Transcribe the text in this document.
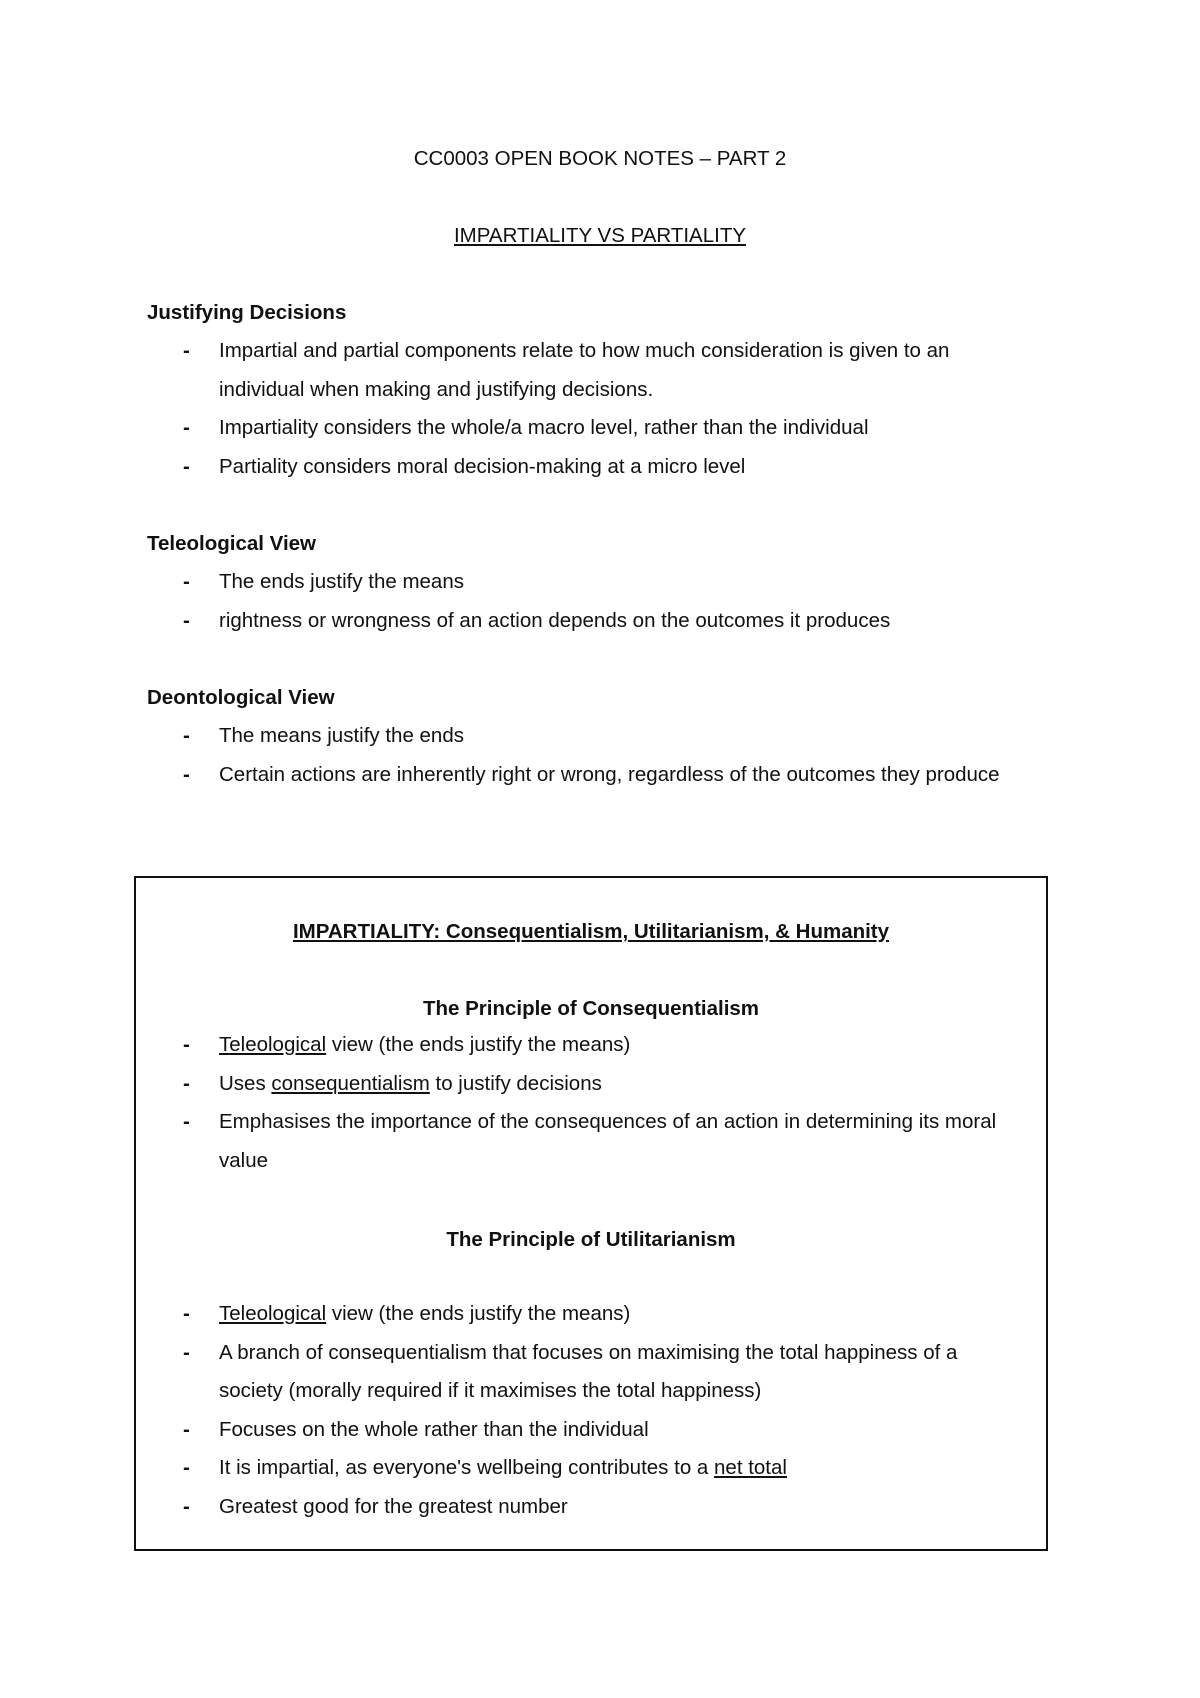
CC0003 OPEN BOOK NOTES – PART 2
IMPARTIALITY VS PARTIALITY
Justifying Decisions
- Impartial and partial components relate to how much consideration is given to an individual when making and justifying decisions.
- Impartiality considers the whole/a macro level, rather than the individual
- Partiality considers moral decision-making at a micro level
Teleological View
- The ends justify the means
- rightness or wrongness of an action depends on the outcomes it produces
Deontological View
- The means justify the ends
- Certain actions are inherently right or wrong, regardless of the outcomes they produce
IMPARTIALITY: Consequentialism, Utilitarianism, & Humanity
The Principle of Consequentialism
- Teleological view (the ends justify the means)
- Uses consequentialism to justify decisions
- Emphasises the importance of the consequences of an action in determining its moral value
The Principle of Utilitarianism
- Teleological view (the ends justify the means)
- A branch of consequentialism that focuses on maximising the total happiness of a society (morally required if it maximises the total happiness)
- Focuses on the whole rather than the individual
- It is impartial, as everyone's wellbeing contributes to a net total
- Greatest good for the greatest number
